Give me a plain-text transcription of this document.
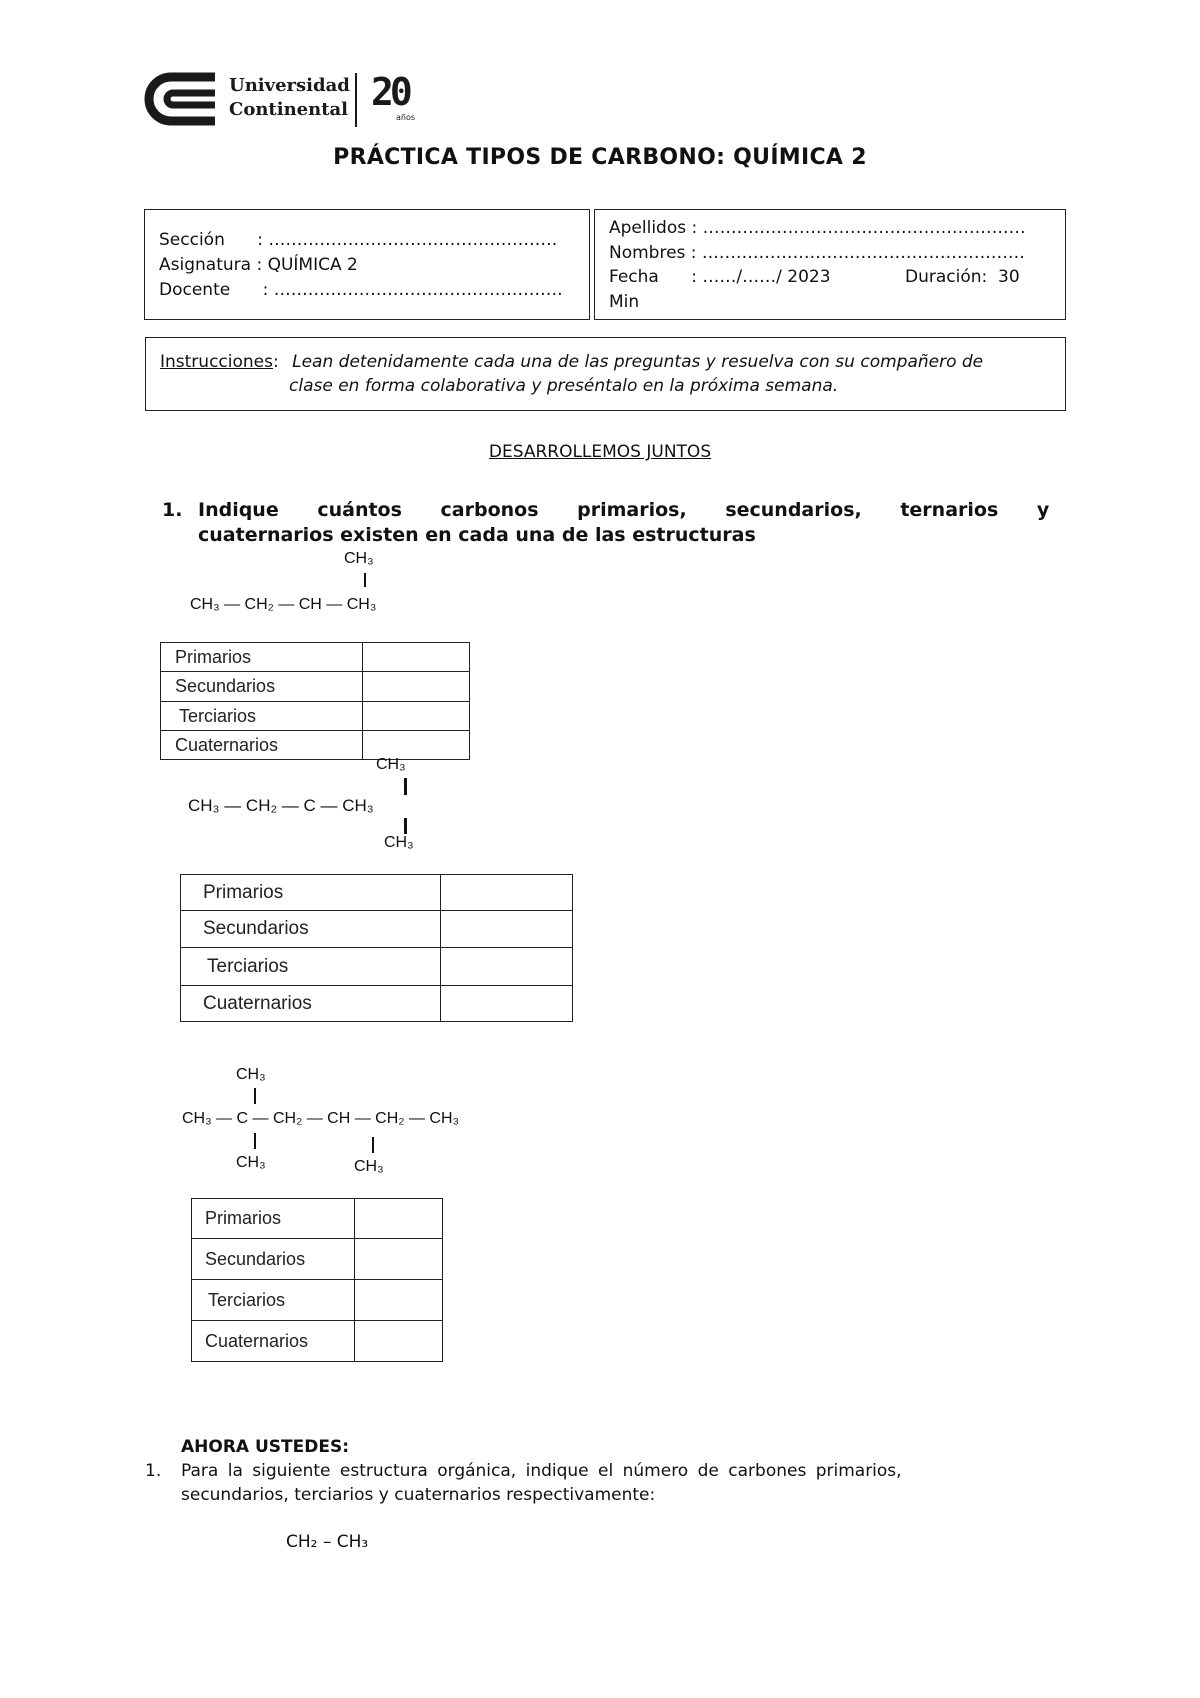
Universidad
Continental 20
años
PRÁCTICA TIPOS DE CARBONO: QUÍMICA 2
Sección      : ……………………………………………
Asignatura : QUÍMICA 2
Docente      : ……………………………………………
Apellidos : …………………………………………………
Nombres : …………………………………………………
Fecha      : ……/……/ 2023	Duración:  30
Min
Instrucciones: Lean detenidamente cada una de las preguntas y resuelva con su compañero de
clase en forma colaborativa y preséntalo en la próxima semana.
DESARROLLEMOS JUNTOS
1. Indique cuántos carbonos primarios, secundarios, ternarios y
cuaternarios existen en cada una de las estructuras
CH₃
CH₃ — CH₂ — CH — CH₃
Primarios	
Secundarios	
Terciarios	
Cuaternarios	
CH₃
CH₃ — CH₂ — C — CH₃
CH₃
Primarios	
Secundarios	
Terciarios	
Cuaternarios	
CH₃
CH₃ — C — CH₂ — CH — CH₂ — CH₃
CH₃	CH₃
Primarios	
Secundarios	
Terciarios	
Cuaternarios	
AHORA USTEDES:
1. Para la siguiente estructura orgánica, indique el número de carbones primarios,
secundarios, terciarios y cuaternarios respectivamente:
CH₂ – CH₃
